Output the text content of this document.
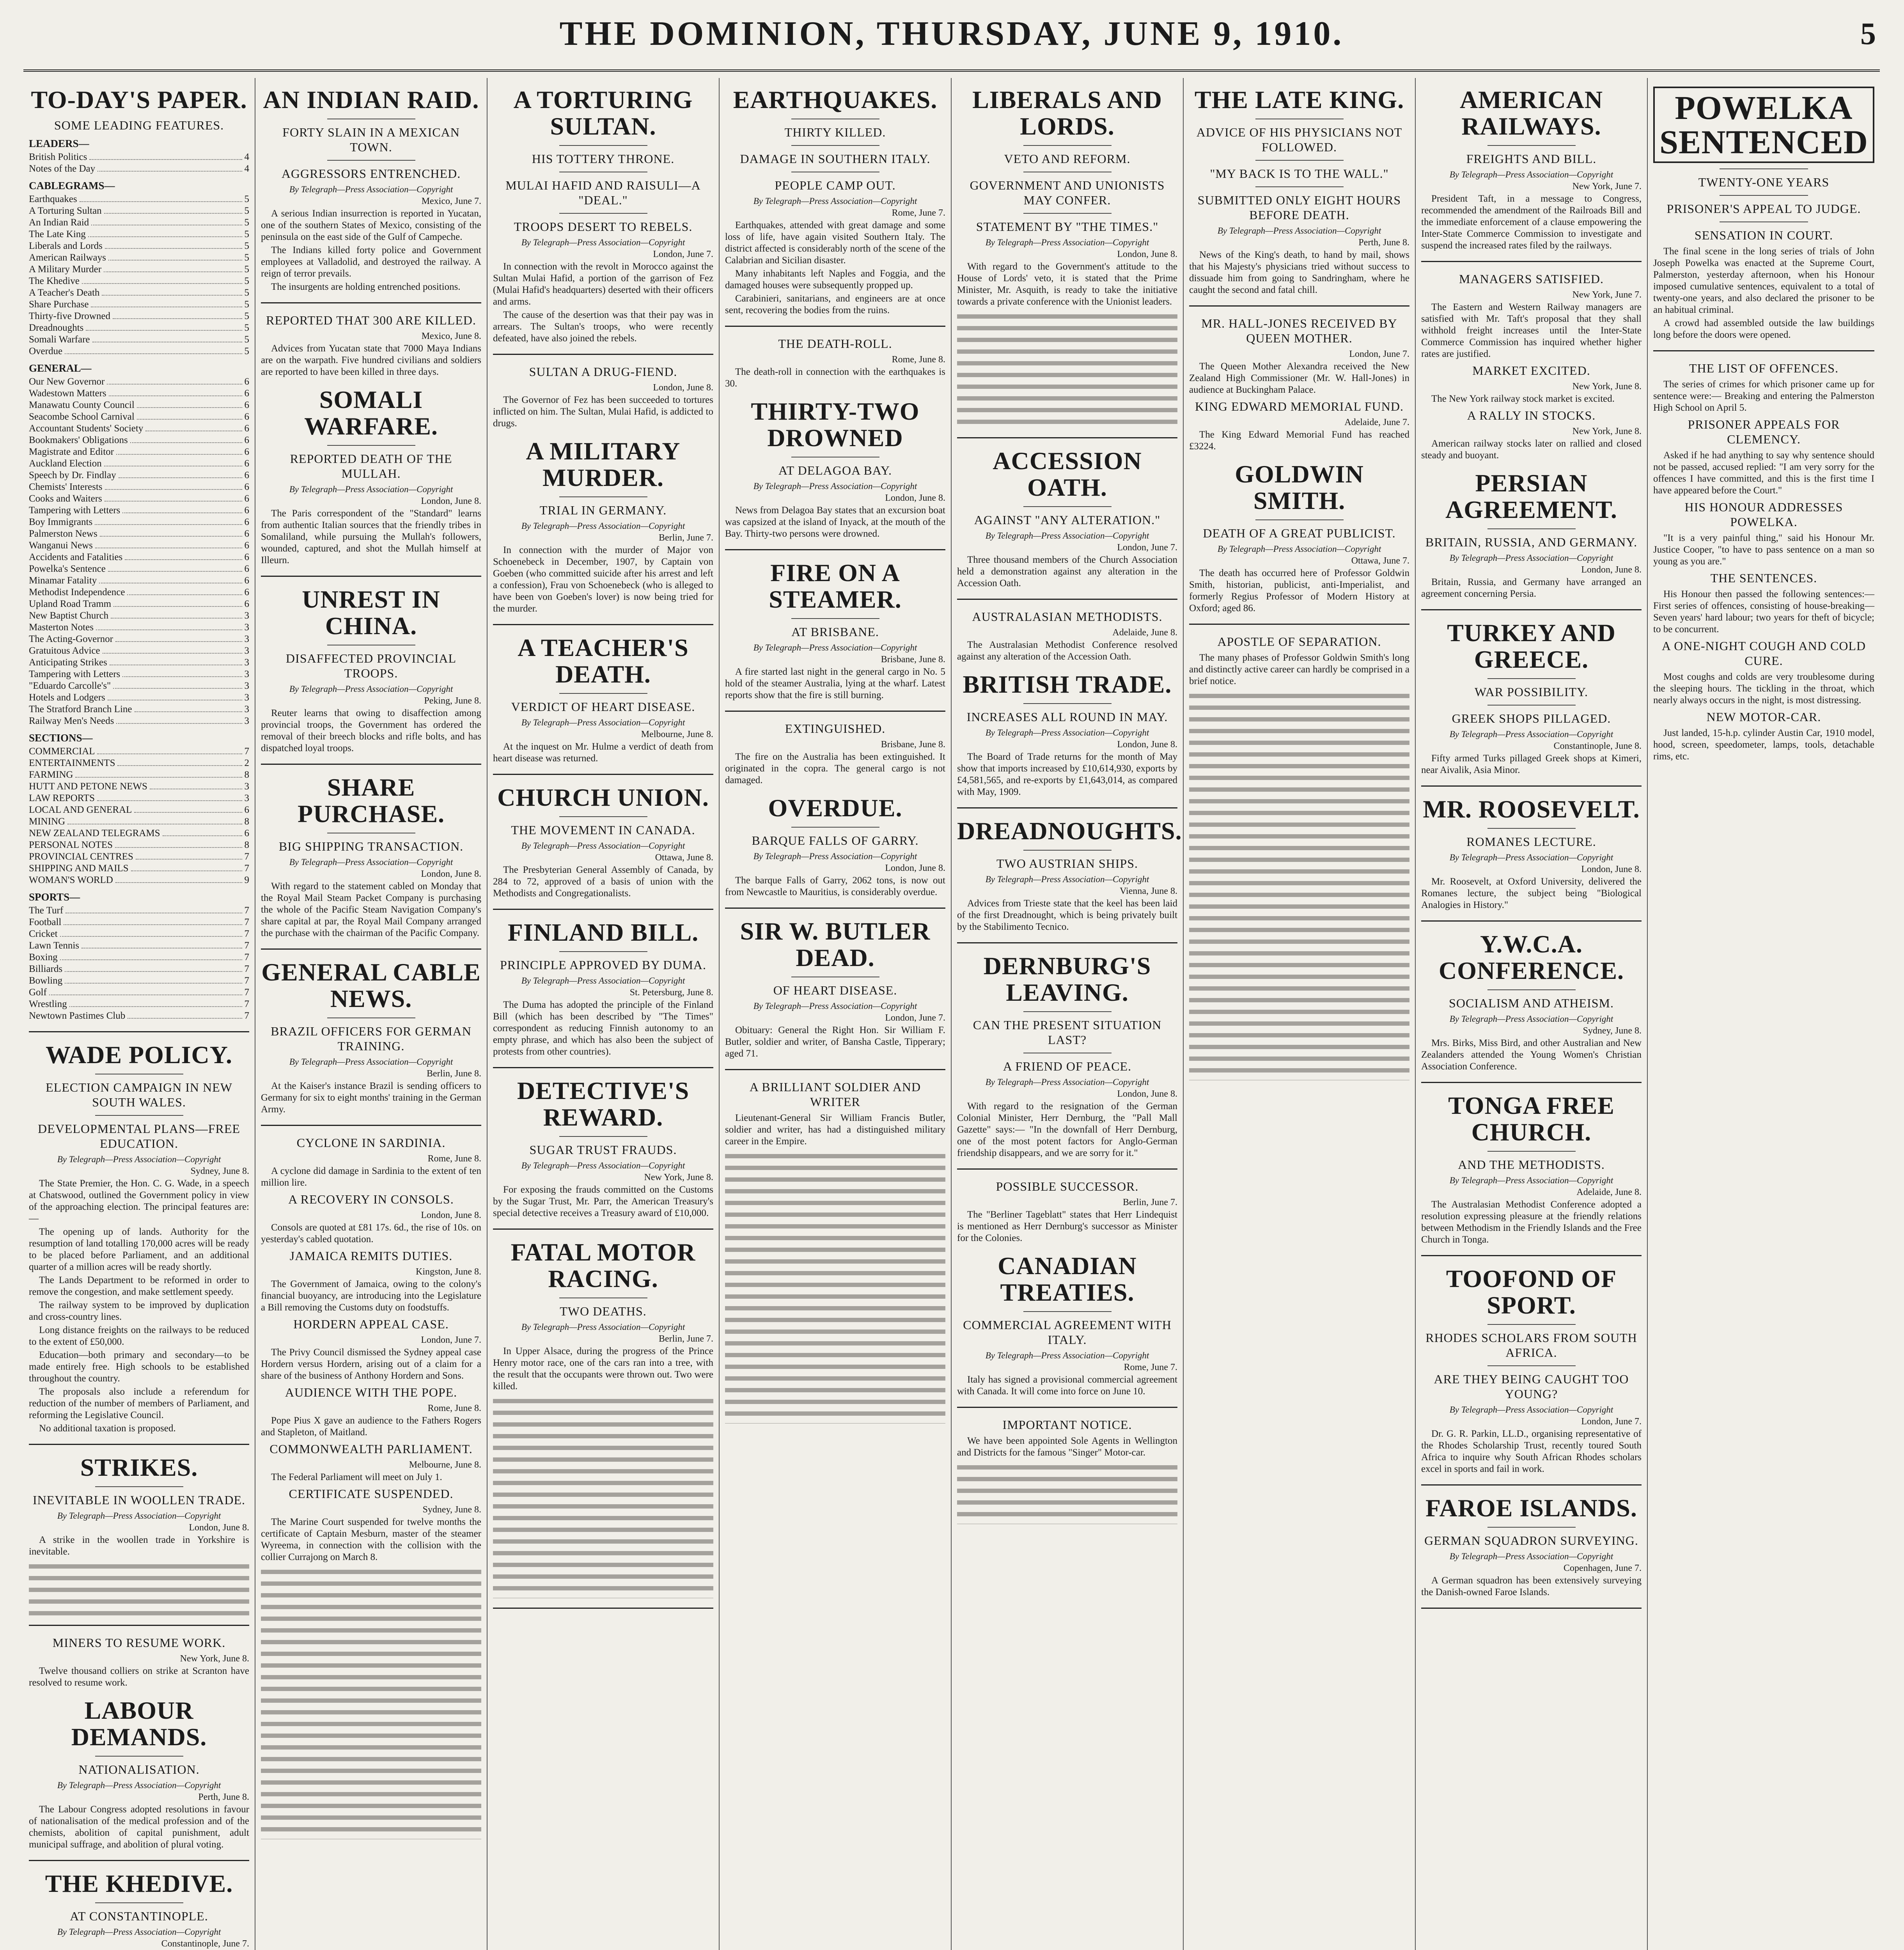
THE DOMINION, THURSDAY, JUNE 9, 1910.	5
TO-DAY'S PAPER.
SOME LEADING FEATURES.
LEADERS—
British Politics	4
Notes of the Day	4
CABLEGRAMS—
Earthquakes	5
A Torturing Sultan	5
An Indian Raid	5
The Late King	5
Liberals and Lords	5
American Railways	5
A Military Murder	5
The Khedive	5
A Teacher's Death	5
Share Purchase	5
Thirty-five Drowned	5
Dreadnoughts	5
Somali Warfare	5
Overdue	5
GENERAL—
Our New Governor	6
Wadestown Matters	6
Manawatu County Council	6
Seacombe School Carnival	6
Accountant Students' Society	6
Bookmakers' Obligations	6
Magistrate and Editor	6
Auckland Election	6
Speech by Dr. Findlay	6
Chemists' Interests	6
Cooks and Waiters	6
Tampering with Letters	6
Boy Immigrants	6
Palmerston News	6
Wanganui News	6
Accidents and Fatalities	6
Powelka's Sentence	6
Minamar Fatality	6
Methodist Independence	6
Upland Road Tramm	6
New Baptist Church	3
Masterton Notes	3
The Acting-Governor	3
Gratuitous Advice	3
Anticipating Strikes	3
Tampering with Letters	3
"Eduardo Carcolle's"	3
Hotels and Lodgers	3
The Stratford Branch Line	3
Railway Men's Needs	3
SECTIONS—
COMMERCIAL	7
ENTERTAINMENTS	2
FARMING	8
HUTT AND PETONE NEWS	3
LAW REPORTS	3
LOCAL AND GENERAL	6
MINING	8
NEW ZEALAND TELEGRAMS	6
PERSONAL NOTES	8
PROVINCIAL CENTRES	7
SHIPPING AND MAILS	7
WOMAN'S WORLD	9
SPORTS—
The Turf	7
Football	7
Cricket	7
Lawn Tennis	7
Boxing	7
Billiards	7
Bowling	7
Golf	7
Wrestling	7
Newtown Pastimes Club	7
WADE POLICY.
ELECTION CAMPAIGN IN NEW SOUTH WALES.
DEVELOPMENTAL PLANS—FREE EDUCATION.
By Telegraph—Press Association—Copyright
Sydney, June 8.

The State Premier, the Hon. C. G. Wade, in a speech at Chatswood, outlined the Government policy in view of the approaching election. The principal features are:—

The opening up of lands. Authority for the resumption of land totalling 170,000 acres will be ready to be placed before Parliament, and an additional quarter of a million acres will be ready shortly.

The Lands Department to be reformed in order to remove the congestion, and make settlement speedy.

The railway system to be improved by duplication and cross-country lines.

Long distance freights on the railways to be reduced to the extent of £50,000.

Education—both primary and secondary—to be made entirely free. High schools to be established throughout the country.

The proposals also include a referendum for reduction of the number of members of Parliament, and reforming the Legislative Council.

No additional taxation is proposed.

STRIKES.
INEVITABLE IN WOOLLEN TRADE.
By Telegraph—Press Association—Copyright
London, June 8.

A strike in the woollen trade in Yorkshire is inevitable.

MINERS TO RESUME WORK.
New York, June 8.

Twelve thousand colliers on strike at Scranton have resolved to resume work.

LABOUR DEMANDS.
NATIONALISATION.
By Telegraph—Press Association—Copyright
Perth, June 8.

The Labour Congress adopted resolutions in favour of nationalisation of the medical profession and of the chemists, abolition of capital punishment, adult municipal suffrage, and abolition of plural voting.

THE KHEDIVE.
AT CONSTANTINOPLE.
By Telegraph—Press Association—Copyright
Constantinople, June 7.

AN INDIAN RAID.
FORTY SLAIN IN A MEXICAN TOWN.
AGGRESSORS ENTRENCHED.
By Telegraph—Press Association—Copyright
Mexico, June 7.

A serious Indian insurrection is reported in Yucatan, one of the southern States of Mexico, consisting of the peninsula on the east side of the Gulf of Campeche.

The Indians killed forty police and Government employees at Valladolid, and destroyed the railway. A reign of terror prevails.

The insurgents are holding entrenched positions.

REPORTED THAT 300 ARE KILLED.
Mexico, June 8.

Advices from Yucatan state that 7000 Maya Indians are on the warpath. Five hundred civilians and soldiers are reported to have been killed in three days.

SOMALI WARFARE.
REPORTED DEATH OF THE MULLAH.
By Telegraph—Press Association—Copyright
London, June 8.

The Paris correspondent of the "Standard" learns from authentic Italian sources that the friendly tribes in Somaliland, while pursuing the Mullah's followers, wounded, captured, and shot the Mullah himself at Illeurn.

UNREST IN CHINA.
DISAFFECTED PROVINCIAL TROOPS.
By Telegraph—Press Association—Copyright
Peking, June 8.

Reuter learns that owing to disaffection among provincial troops, the Government has ordered the removal of their breech blocks and rifle bolts, and has dispatched loyal troops.

SHARE PURCHASE.
BIG SHIPPING TRANSACTION.
By Telegraph—Press Association—Copyright
London, June 8.

With regard to the statement cabled on Monday that the Royal Mail Steam Packet Company is purchasing the whole of the Pacific Steam Navigation Company's share capital at par, the Royal Mail Company arranged the purchase with the chairman of the Pacific Company.

GENERAL CABLE NEWS.
BRAZIL OFFICERS FOR GERMAN TRAINING.
By Telegraph—Press Association—Copyright
Berlin, June 8.

At the Kaiser's instance Brazil is sending officers to Germany for six to eight months' training in the German Army.

CYCLONE IN SARDINIA.
Rome, June 8.

A cyclone did damage in Sardinia to the extent of ten million lire.

A RECOVERY IN CONSOLS.
London, June 8.

Consols are quoted at £81 17s. 6d., the rise of 10s. on yesterday's cabled quotation.

JAMAICA REMITS DUTIES.
Kingston, June 8.

The Government of Jamaica, owing to the colony's financial buoyancy, are introducing into the Legislature a Bill removing the Customs duty on foodstuffs.

HORDERN APPEAL CASE.
London, June 7.

The Privy Council dismissed the Sydney appeal case Hordern versus Hordern, arising out of a claim for a share of the business of Anthony Hordern and Sons.

AUDIENCE WITH THE POPE.
Rome, June 8.

Pope Pius X gave an audience to the Fathers Rogers and Stapleton, of Maitland.

COMMONWEALTH PARLIAMENT.
Melbourne, June 8.

The Federal Parliament will meet on July 1.

CERTIFICATE SUSPENDED.
Sydney, June 8.

The Marine Court suspended for twelve months the certificate of Captain Mesburn, master of the steamer Wyreema, in connection with the collision with the collier Currajong on March 8.

A TORTURING SULTAN.
HIS TOTTERY THRONE.
MULAI HAFID AND RAISULI—A "DEAL."
TROOPS DESERT TO REBELS.
By Telegraph—Press Association—Copyright
London, June 7.

In connection with the revolt in Morocco against the Sultan Mulai Hafid, a portion of the garrison of Fez (Mulai Hafid's headquarters) deserted with their officers and arms.

The cause of the desertion was that their pay was in arrears. The Sultan's troops, who were recently defeated, have also joined the rebels.

SULTAN A DRUG-FIEND.
London, June 8.

The Governor of Fez has been succeeded to tortures inflicted on him. The Sultan, Mulai Hafid, is addicted to drugs.

A MILITARY MURDER.
TRIAL IN GERMANY.
By Telegraph—Press Association—Copyright
Berlin, June 7.

In connection with the murder of Major von Schoenebeck in December, 1907, by Captain von Goeben (who committed suicide after his arrest and left a confession), Frau von Schoenebeck (who is alleged to have been von Goeben's lover) is now being tried for the murder.

A TEACHER'S DEATH.
VERDICT OF HEART DISEASE.
By Telegraph—Press Association—Copyright
Melbourne, June 8.

At the inquest on Mr. Hulme a verdict of death from heart disease was returned.

CHURCH UNION.
THE MOVEMENT IN CANADA.
By Telegraph—Press Association—Copyright
Ottawa, June 8.

The Presbyterian General Assembly of Canada, by 284 to 72, approved of a basis of union with the Methodists and Congregationalists.

FINLAND BILL.
PRINCIPLE APPROVED BY DUMA.
By Telegraph—Press Association—Copyright
St. Petersburg, June 8.

The Duma has adopted the principle of the Finland Bill (which has been described by "The Times" correspondent as reducing Finnish autonomy to an empty phrase, and which has also been the subject of protests from other countries).

DETECTIVE'S REWARD.
SUGAR TRUST FRAUDS.
By Telegraph—Press Association—Copyright
New York, June 8.

For exposing the frauds committed on the Customs by the Sugar Trust, Mr. Parr, the American Treasury's special detective receives a Treasury award of £10,000.

FATAL MOTOR RACING.
TWO DEATHS.
By Telegraph—Press Association—Copyright
Berlin, June 7.

In Upper Alsace, during the progress of the Prince Henry motor race, one of the cars ran into a tree, with the result that the occupants were thrown out. Two were killed.

EARTHQUAKES.
THIRTY KILLED.
DAMAGE IN SOUTHERN ITALY.
PEOPLE CAMP OUT.
By Telegraph—Press Association—Copyright
Rome, June 7.

Earthquakes, attended with great damage and some loss of life, have again visited Southern Italy. The district affected is considerably north of the scene of the Calabrian and Sicilian disaster.

Many inhabitants left Naples and Foggia, and the damaged houses were subsequently propped up.

Carabinieri, sanitarians, and engineers are at once sent, recovering the bodies from the ruins.

THE DEATH-ROLL.
Rome, June 8.

The death-roll in connection with the earthquakes is 30.

THIRTY-TWO DROWNED
AT DELAGOA BAY.
By Telegraph—Press Association—Copyright
London, June 8.

News from Delagoa Bay states that an excursion boat was capsized at the island of Inyack, at the mouth of the Bay. Thirty-two persons were drowned.

FIRE ON A STEAMER.
AT BRISBANE.
By Telegraph—Press Association—Copyright
Brisbane, June 8.

A fire started last night in the general cargo in No. 5 hold of the steamer Australia, lying at the wharf. Latest reports show that the fire is still burning.

EXTINGUISHED.
Brisbane, June 8.

The fire on the Australia has been extinguished. It originated in the copra. The general cargo is not damaged.

OVERDUE.
BARQUE FALLS OF GARRY.
By Telegraph—Press Association—Copyright
London, June 8.

The barque Falls of Garry, 2062 tons, is now out from Newcastle to Mauritius, is considerably overdue.

SIR W. BUTLER DEAD.
OF HEART DISEASE.
By Telegraph—Press Association—Copyright
London, June 7.

Obituary: General the Right Hon. Sir William F. Butler, soldier and writer, of Bansha Castle, Tipperary; aged 71.

A BRILLIANT SOLDIER AND WRITER

Lieutenant-General Sir William Francis Butler, soldier and writer, has had a distinguished military career in the Empire.

LIBERALS AND LORDS.
VETO AND REFORM.
GOVERNMENT AND UNIONISTS MAY CONFER.
STATEMENT BY "THE TIMES."
By Telegraph—Press Association—Copyright
London, June 8.

With regard to the Government's attitude to the House of Lords' veto, it is stated that the Prime Minister, Mr. Asquith, is ready to take the initiative towards a private conference with the Unionist leaders.

ACCESSION OATH.
AGAINST "ANY ALTERATION."
By Telegraph—Press Association—Copyright
London, June 7.

Three thousand members of the Church Association held a demonstration against any alteration in the Accession Oath.

AUSTRALASIAN METHODISTS.
Adelaide, June 8.

The Australasian Methodist Conference resolved against any alteration of the Accession Oath.

BRITISH TRADE.
INCREASES ALL ROUND IN MAY.
By Telegraph—Press Association—Copyright
London, June 8.

The Board of Trade returns for the month of May show that imports increased by £10,614,930, exports by £4,581,565, and re-exports by £1,643,014, as compared with May, 1909.

DREADNOUGHTS.
TWO AUSTRIAN SHIPS.
By Telegraph—Press Association—Copyright
Vienna, June 8.

Advices from Trieste state that the keel has been laid of the first Dreadnought, which is being privately built by the Stabilimento Tecnico.

DERNBURG'S LEAVING.
CAN THE PRESENT SITUATION LAST?
A FRIEND OF PEACE.
By Telegraph—Press Association—Copyright
London, June 8.

With regard to the resignation of the German Colonial Minister, Herr Dernburg, the "Pall Mall Gazette" says:— "In the downfall of Herr Dernburg, one of the most potent factors for Anglo-German friendship disappears, and we are sorry for it."

POSSIBLE SUCCESSOR.
Berlin, June 7.

The "Berliner Tageblatt" states that Herr Lindequist is mentioned as Herr Dernburg's successor as Minister for the Colonies.

CANADIAN TREATIES.
COMMERCIAL AGREEMENT WITH ITALY.
By Telegraph—Press Association—Copyright
Rome, June 7.

Italy has signed a provisional commercial agreement with Canada. It will come into force on June 10.

IMPORTANT NOTICE.

We have been appointed Sole Agents in Wellington and Districts for the famous "Singer" Motor-car.

THE LATE KING.
ADVICE OF HIS PHYSICIANS NOT FOLLOWED.
"MY BACK IS TO THE WALL."
SUBMITTED ONLY EIGHT HOURS BEFORE DEATH.
By Telegraph—Press Association—Copyright
Perth, June 8.

News of the King's death, to hand by mail, shows that his Majesty's physicians tried without success to dissuade him from going to Sandringham, where he caught the second and fatal chill.

MR. HALL-JONES RECEIVED BY QUEEN MOTHER.
London, June 7.

The Queen Mother Alexandra received the New Zealand High Commissioner (Mr. W. Hall-Jones) in audience at Buckingham Palace.

KING EDWARD MEMORIAL FUND.
Adelaide, June 7.

The King Edward Memorial Fund has reached £3224.

GOLDWIN SMITH.
DEATH OF A GREAT PUBLICIST.
By Telegraph—Press Association—Copyright
Ottawa, June 7.

The death has occurred here of Professor Goldwin Smith, historian, publicist, anti-Imperialist, and formerly Regius Professor of Modern History at Oxford; aged 86.

APOSTLE OF SEPARATION.

The many phases of Professor Goldwin Smith's long and distinctly active career can hardly be comprised in a brief notice.

AMERICAN RAILWAYS.
FREIGHTS AND BILL.
By Telegraph—Press Association—Copyright
New York, June 7.

President Taft, in a message to Congress, recommended the amendment of the Railroads Bill and the immediate enforcement of a clause empowering the Inter-State Commerce Commission to investigate and suspend the increased rates filed by the railways.

MANAGERS SATISFIED.
New York, June 7.

The Eastern and Western Railway managers are satisfied with Mr. Taft's proposal that they shall withhold freight increases until the Inter-State Commerce Commission has inquired whether higher rates are justified.

MARKET EXCITED.
New York, June 8.

The New York railway stock market is excited.

A RALLY IN STOCKS.
New York, June 8.

American railway stocks later on rallied and closed steady and buoyant.

PERSIAN AGREEMENT.
BRITAIN, RUSSIA, AND GERMANY.
By Telegraph—Press Association—Copyright
London, June 8.

Britain, Russia, and Germany have arranged an agreement concerning Persia.

TURKEY AND GREECE.
WAR POSSIBILITY.
GREEK SHOPS PILLAGED.
By Telegraph—Press Association—Copyright
Constantinople, June 8.

Fifty armed Turks pillaged Greek shops at Kimeri, near Aivalik, Asia Minor.

MR. ROOSEVELT.
ROMANES LECTURE.
By Telegraph—Press Association—Copyright
London, June 8.

Mr. Roosevelt, at Oxford University, delivered the Romanes lecture, the subject being "Biological Analogies in History."

Y.W.C.A. CONFERENCE.
SOCIALISM AND ATHEISM.
By Telegraph—Press Association—Copyright
Sydney, June 8.

Mrs. Birks, Miss Bird, and other Australian and New Zealanders attended the Young Women's Christian Association Conference.

TONGA FREE CHURCH.
AND THE METHODISTS.
By Telegraph—Press Association—Copyright
Adelaide, June 8.

The Australasian Methodist Conference adopted a resolution expressing pleasure at the friendly relations between Methodism in the Friendly Islands and the Free Church in Tonga.

TOOFOND OF SPORT.
RHODES SCHOLARS FROM SOUTH AFRICA.
ARE THEY BEING CAUGHT TOO YOUNG?
By Telegraph—Press Association—Copyright
London, June 7.

Dr. G. R. Parkin, LL.D., organising representative of the Rhodes Scholarship Trust, recently toured South Africa to inquire why South African Rhodes scholars excel in sports and fail in work.

FAROE ISLANDS.
GERMAN SQUADRON SURVEYING.
By Telegraph—Press Association—Copyright
Copenhagen, June 7.

A German squadron has been extensively surveying the Danish-owned Faroe Islands.

POWELKA SENTENCED
TWENTY-ONE YEARS
PRISONER'S APPEAL TO JUDGE.
SENSATION IN COURT.

The final scene in the long series of trials of John Joseph Powelka was enacted at the Supreme Court, Palmerston, yesterday afternoon, when his Honour imposed cumulative sentences, equivalent to a total of twenty-one years, and also declared the prisoner to be an habitual criminal.

A crowd had assembled outside the law buildings long before the doors were opened.

THE LIST OF OFFENCES.

The series of crimes for which prisoner came up for sentence were:— Breaking and entering the Palmerston High School on April 5.

PRISONER APPEALS FOR CLEMENCY.

Asked if he had anything to say why sentence should not be passed, accused replied: "I am very sorry for the offences I have committed, and this is the first time I have appeared before the Court."

HIS HONOUR ADDRESSES POWELKA.

"It is a very painful thing," said his Honour Mr. Justice Cooper, "to have to pass sentence on a man so young as you are."

THE SENTENCES.

His Honour then passed the following sentences:— First series of offences, consisting of house-breaking—Seven years' hard labour; two years for theft of bicycle; to be concurrent.

A ONE-NIGHT COUGH AND COLD CURE.

Most coughs and colds are very troublesome during the sleeping hours. The tickling in the throat, which nearly always occurs in the night, is most distressing.

NEW MOTOR-CAR.

Just landed, 15-h.p. cylinder Austin Car, 1910 model, hood, screen, speedometer, lamps, tools, detachable rims, etc.
